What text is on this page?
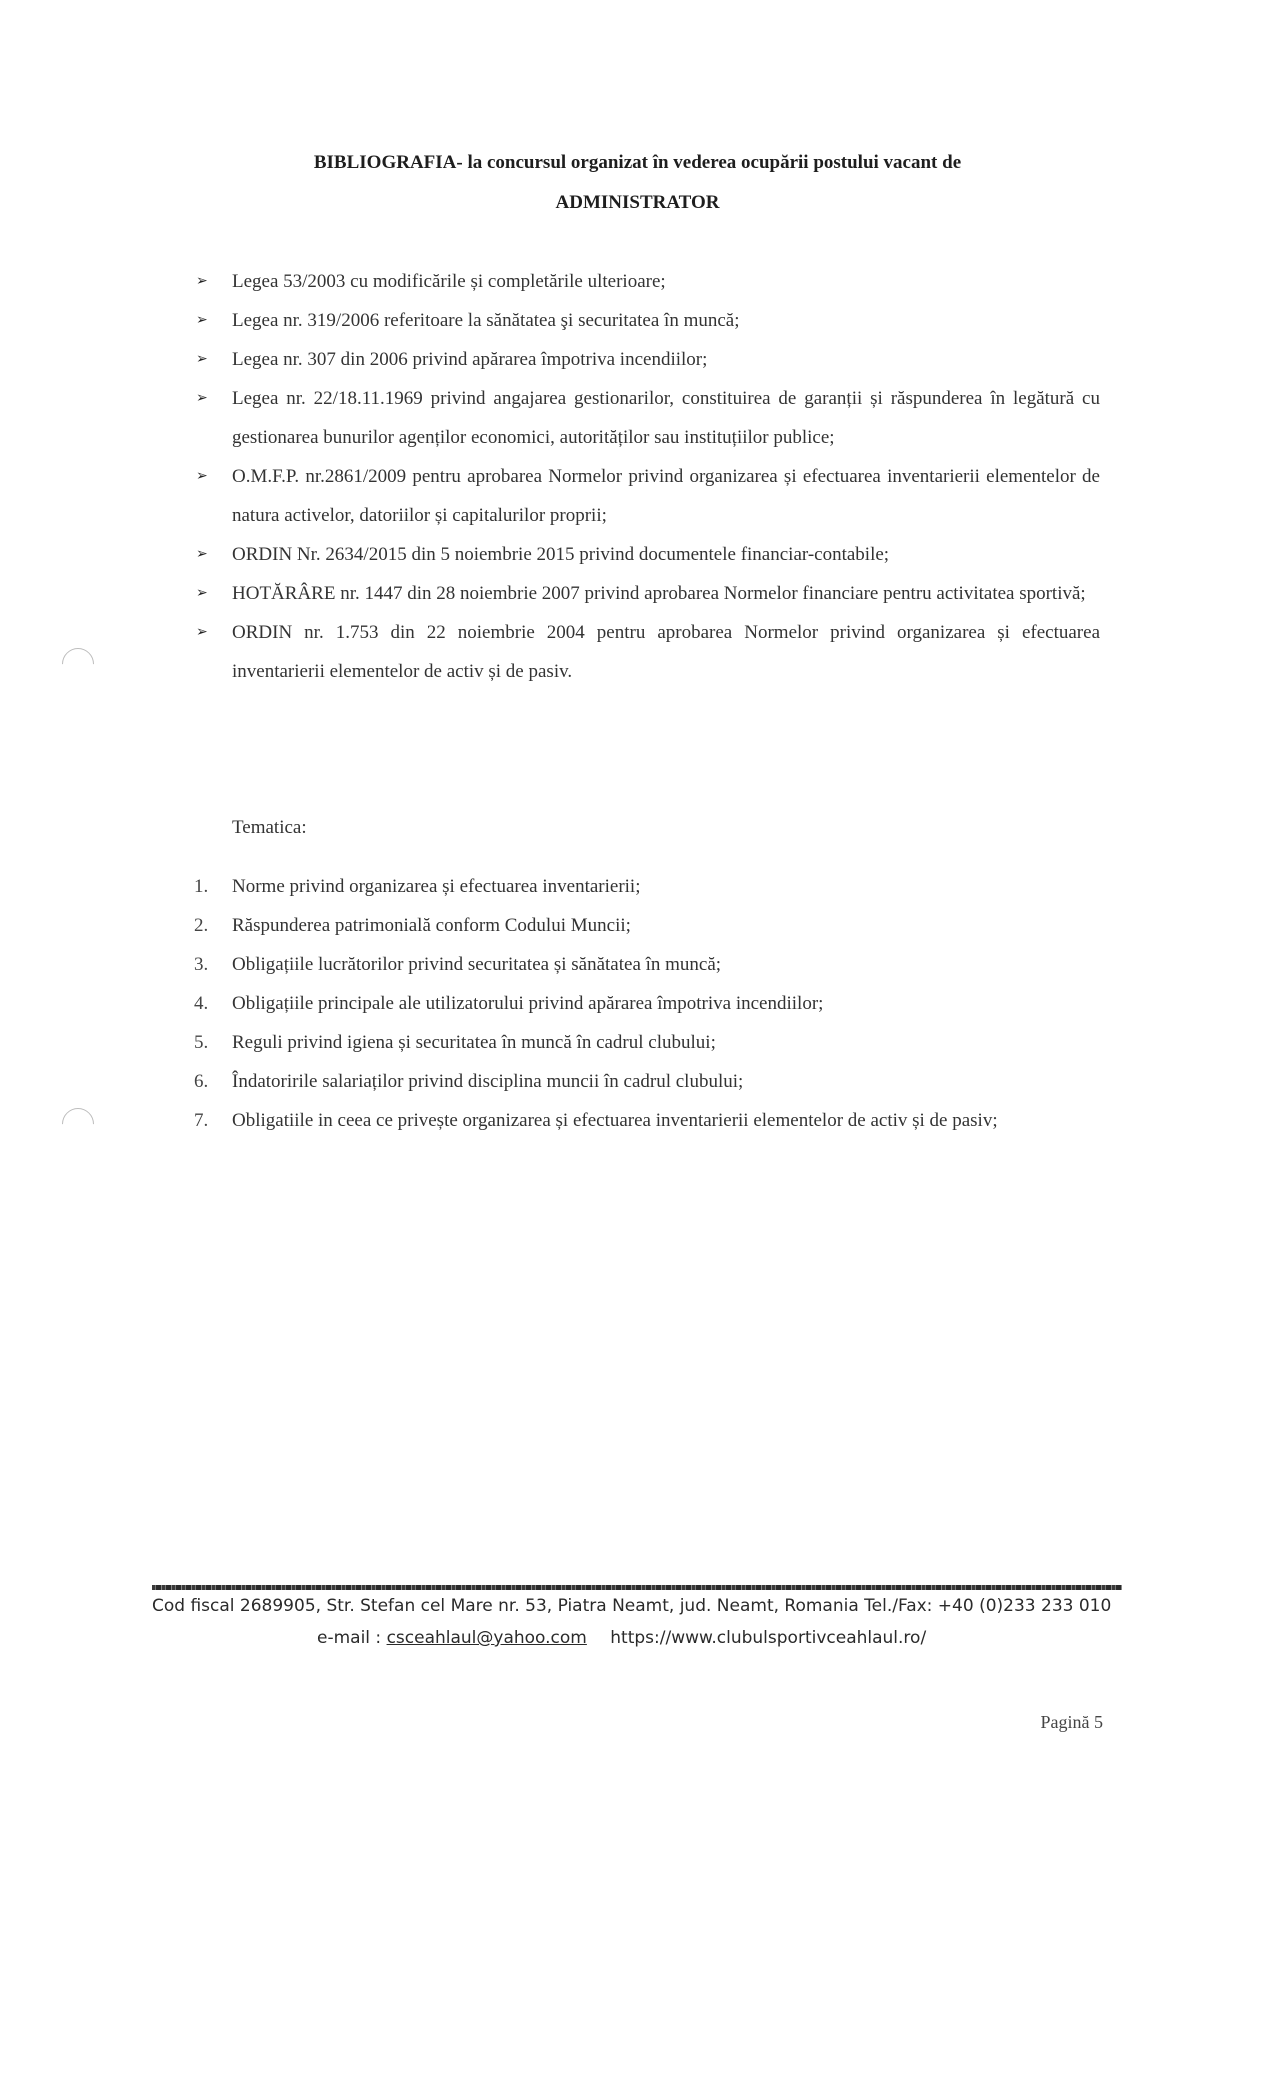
BIBLIOGRAFIA- la concursul organizat în vederea ocupării postului vacant de
ADMINISTRATOR
➢ Legea 53/2003 cu modificările și completările ulterioare;
➢ Legea nr. 319/2006 referitoare la sănătatea şi securitatea în muncă;
➢ Legea nr. 307 din 2006 privind apărarea împotriva incendiilor;
➢ Legea nr. 22/18.11.1969 privind angajarea gestionarilor, constituirea de garanții și răspunderea în legătură cu gestionarea bunurilor agenților economici, autorităților sau instituțiilor publice;
➢ O.M.F.P. nr.2861/2009 pentru aprobarea Normelor privind organizarea și efectuarea inventarierii elementelor de natura activelor, datoriilor și capitalurilor proprii;
➢ ORDIN Nr. 2634/2015 din 5 noiembrie 2015 privind documentele financiar-contabile;
➢ HOTĂRÂRE nr. 1447 din 28 noiembrie 2007 privind aprobarea Normelor financiare pentru activitatea sportivă;
➢ ORDIN nr. 1.753 din 22 noiembrie 2004 pentru aprobarea Normelor privind organizarea și efectuarea inventarierii elementelor de activ și de pasiv.
Tematica:
1. Norme privind organizarea și efectuarea inventarierii;
2. Răspunderea patrimonială conform Codului Muncii;
3. Obligațiile lucrătorilor privind securitatea și sănătatea în muncă;
4. Obligațiile principale ale utilizatorului privind apărarea împotriva incendiilor;
5. Reguli privind igiena și securitatea în muncă în cadrul clubului;
6. Îndatoririle salariaților privind disciplina muncii în cadrul clubului;
7. Obligatiile in ceea ce privește organizarea și efectuarea inventarierii elementelor de activ și de pasiv;
Cod fiscal 2689905, Str. Stefan cel Mare nr. 53, Piatra Neamt, jud. Neamt, Romania Tel./Fax: +40 (0)233 233 010
e-mail : csceahlaul@yahoo.com https://www.clubulsportivceahlaul.ro/
Pagină 5
